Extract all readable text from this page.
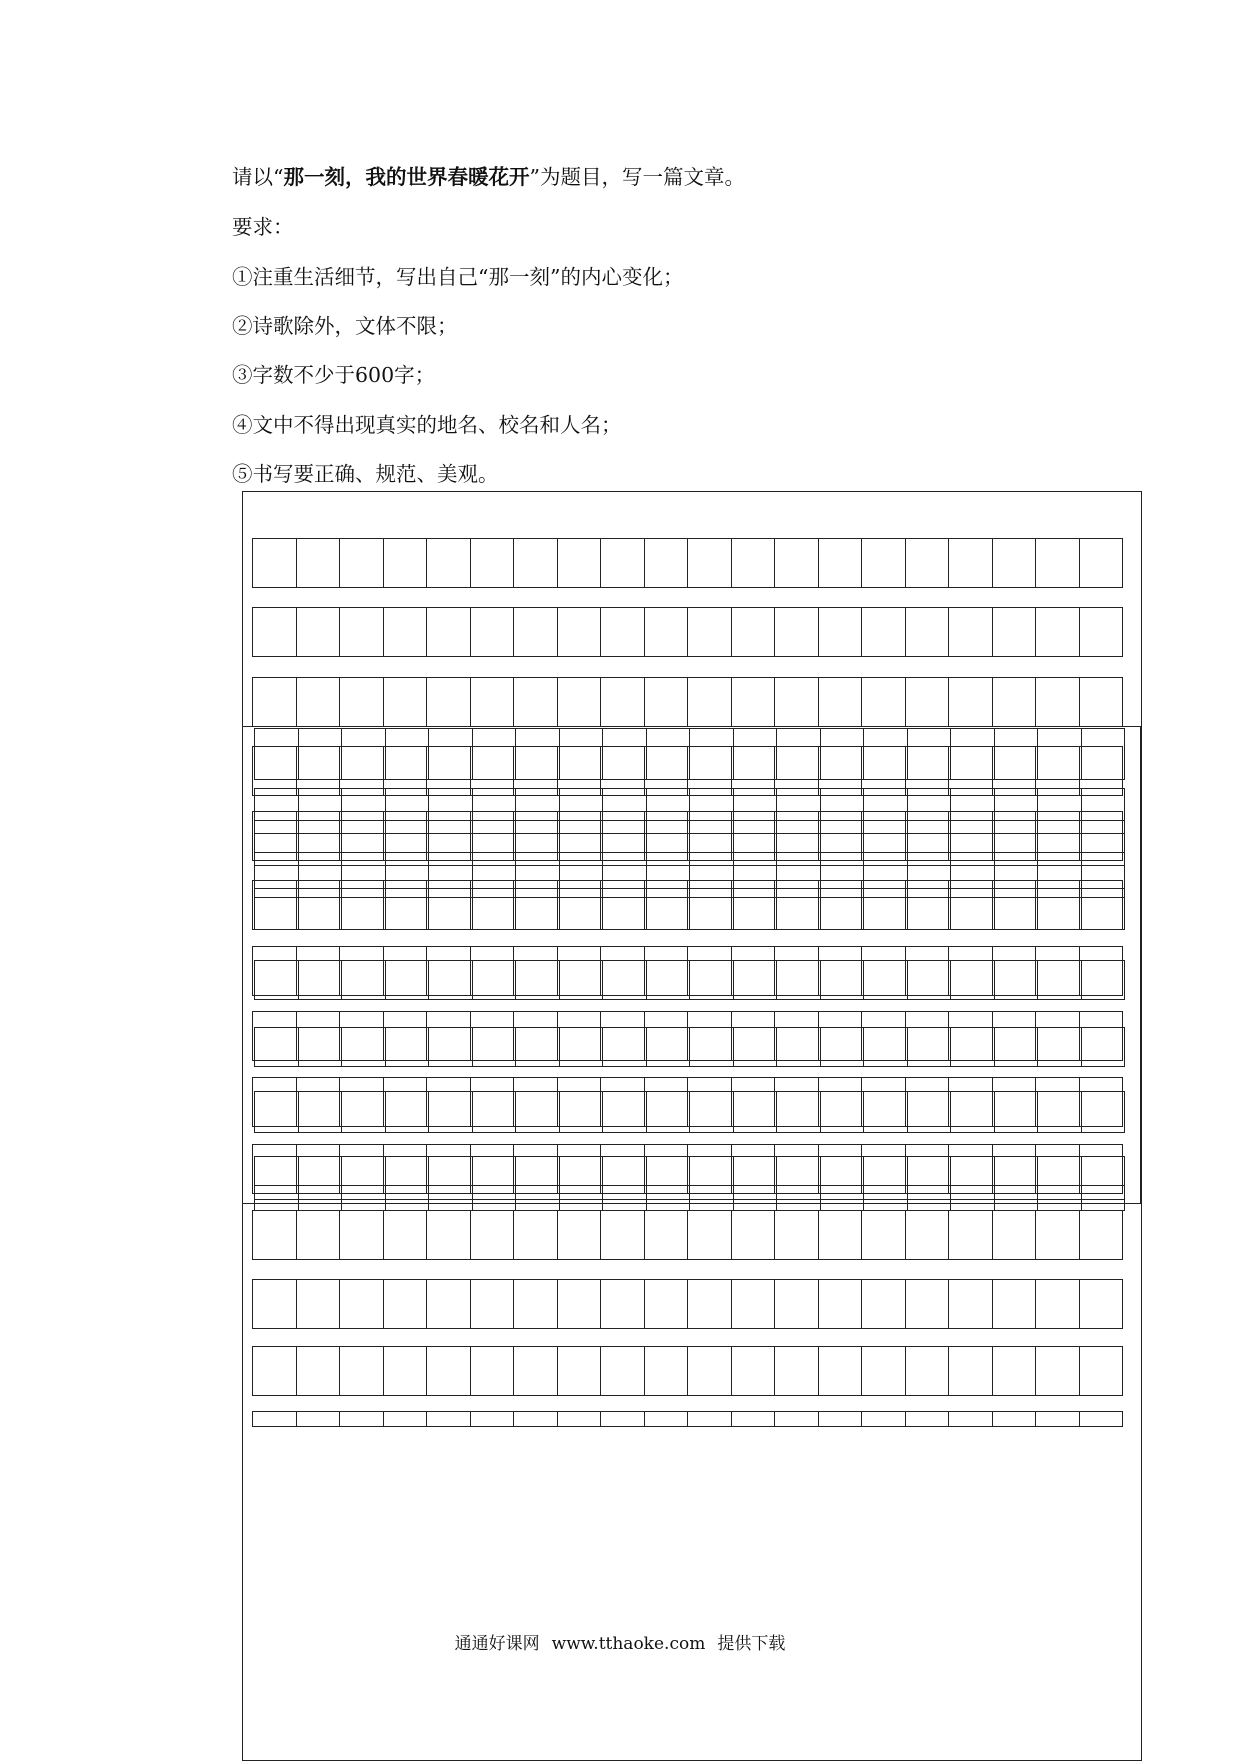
请以“那一刻，我的世界春暖花开”为题目，写一篇文章。
要求：
①注重生活细节，写出自己“那一刻”的内心变化；
②诗歌除外，文体不限；
③字数不少于600字；
④文中不得出现真实的地名、校名和人名；
⑤书写要正确、规范、美观。
通通好课网 www.tthaoke.com 提供下载
